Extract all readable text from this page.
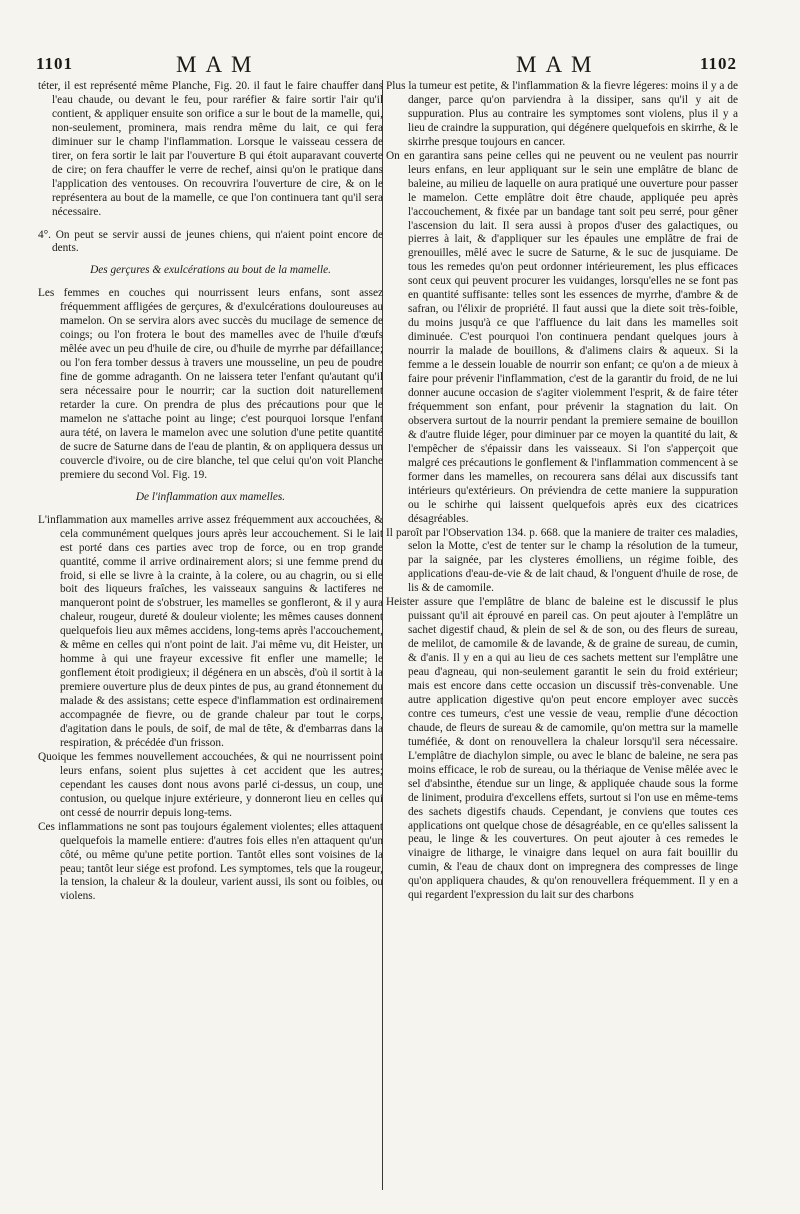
1101	MAM	MAM	1102

téter, il est représenté même Planche, Fig. 20. il faut le faire chauffer dans l'eau chaude, ou devant le feu, pour raréfier & faire sortir l'air qu'il contient, & appliquer ensuite son orifice a sur le bout de la mamelle, qui, non-seulement, prominera, mais rendra même du lait, ce qui fera diminuer sur le champ l'inflammation. Lorsque le vaisseau cessera de tirer, on fera sortir le lait par l'ouverture B qui étoit auparavant couverte de cire; on fera chauffer le verre de rechef, ainsi qu'on le pratique dans l'application des ventouses. On recouvrira l'ouverture de cire, & on le représentera au bout de la mamelle, ce que l'on continuera tant qu'il sera nécessaire.

4°. On peut se servir aussi de jeunes chiens, qui n'aient point encore de dents.

Des gerçures & exulcérations au bout de la mamelle.

Les femmes en couches qui nourrissent leurs enfans, sont assez fréquemment affligées de gerçures, & d'exulcérations douloureuses au mamelon. On se servira alors avec succès du mucilage de semence de coings; ou l'on frotera le bout des mamelles avec de l'huile d'œufs mêlée avec un peu d'huile de cire, ou d'huile de myrrhe par défaillance; ou l'on fera tomber dessus à travers une mousseline, un peu de poudre fine de gomme adraganth. On ne laissera teter l'enfant qu'autant qu'il sera nécessaire pour le nourrir; car la suction doit naturellement retarder la cure. On prendra de plus des précautions pour que le mamelon ne s'attache point au linge; c'est pourquoi lorsque l'enfant aura tété, on lavera le mamelon avec une solution d'une petite quantité de sucre de Saturne dans de l'eau de plantin, & on appliquera dessus un couvercle d'ivoire, ou de cire blanche, tel que celui qu'on voit Planche premiere du second Vol. Fig. 19.

De l'inflammation aux mamelles.

L'inflammation aux mamelles arrive assez fréquemment aux accouchées, & cela communément quelques jours après leur accouchement. Si le lait est porté dans ces parties avec trop de force, ou en trop grande quantité, comme il arrive ordinairement alors; si une femme prend du froid, si elle se livre à la crainte, à la colere, ou au chagrin, ou si elle boit des liqueurs fraîches, les vaisseaux sanguins & lactiferes ne manqueront point de s'obstruer, les mamelles se gonfleront, & il y aura chaleur, rougeur, dureté & douleur violente; les mêmes causes donnent quelquefois lieu aux mêmes accidens, long-tems après l'accouchement, & même en celles qui n'ont point de lait. J'ai même vu, dit Heister, un homme à qui une frayeur excessive fit enfler une mamelle; le gonflement étoit prodigieux; il dégénera en un abscès, d'où il sortit à la premiere ouverture plus de deux pintes de pus, au grand étonnement du malade & des assistans; cette espece d'inflammation est ordinairement accompagnée de fievre, ou de grande chaleur par tout le corps, d'agitation dans le pouls, de soif, de mal de tête, & d'embarras dans la respiration, & précédée d'un frisson.

Quoique les femmes nouvellement accouchées, & qui ne nourrissent point leurs enfans, soient plus sujettes à cet accident que les autres; cependant les causes dont nous avons parlé ci-dessus, un coup, une contusion, ou quelque injure extérieure, y donneront lieu en celles qui ont cessé de nourrir depuis long-tems.

Ces inflammations ne sont pas toujours également violentes; elles attaquent quelquefois la mamelle entiere: d'autres fois elles n'en attaquent qu'un côté, ou même qu'une petite portion. Tantôt elles sont voisines de la peau; tantôt leur siége est profond. Les symptomes, tels que la rougeur, la tension, la chaleur & la douleur, varient aussi, ils sont ou foibles, ou violens.

Plus la tumeur est petite, & l'inflammation & la fievre légeres: moins il y a de danger, parce qu'on parviendra à la dissiper, sans qu'il y ait de suppuration. Plus au contraire les symptomes sont violens, plus il y a lieu de craindre la suppuration, qui dégénere quelquefois en skirrhe, & le skirrhe presque toujours en cancer.

On en garantira sans peine celles qui ne peuvent ou ne veulent pas nourrir leurs enfans, en leur appliquant sur le sein une emplâtre de blanc de baleine, au milieu de laquelle on aura pratiqué une ouverture pour passer le mamelon. Cette emplâtre doit être chaude, appliquée peu après l'accouchement, & fixée par un bandage tant soit peu serré, pour gêner l'ascension du lait. Il sera aussi à propos d'user des galactiques, ou pierres à lait, & d'appliquer sur les épaules une emplâtre de frai de grenouilles, mêlé avec le sucre de Saturne, & le suc de jusquiame. De tous les remedes qu'on peut ordonner intérieurement, les plus efficaces sont ceux qui peuvent procurer les vuidanges, lorsqu'elles ne se font pas en quantité suffisante: telles sont les essences de myrrhe, d'ambre & de safran, ou l'élixir de propriété. Il faut aussi que la diete soit très-foible, du moins jusqu'à ce que l'affluence du lait dans les mamelles soit diminuée. C'est pourquoi l'on continuera pendant quelques jours à nourrir la malade de bouillons, & d'alimens clairs & aqueux. Si la femme a le dessein louable de nourrir son enfant; ce qu'on a de mieux à faire pour prévenir l'inflammation, c'est de la garantir du froid, de ne lui donner aucune occasion de s'agiter violemment l'esprit, & de faire téter fréquemment son enfant, pour prévenir la stagnation du lait. On observera surtout de la nourrir pendant la premiere semaine de bouillon & d'autre fluide léger, pour diminuer par ce moyen la quantité du lait, & l'empêcher de s'épaissir dans les vaisseaux. Si l'on s'apperçoit que malgré ces précautions le gonflement & l'inflammation commencent à se former dans les mamelles, on recourera sans délai aux discussifs tant intérieurs qu'extérieurs. On préviendra de cette maniere la suppuration ou le schirhe qui laissent quelquefois après eux des cicatrices désagréables.

Il paroît par l'Observation 134. p. 668. que la maniere de traiter ces maladies, selon la Motte, c'est de tenter sur le champ la résolution de la tumeur, par la saignée, par les clysteres émolliens, un régime foible, des applications d'eau-de-vie & de lait chaud, & l'onguent d'huile de rose, de lis & de camomile.

Heister assure que l'emplâtre de blanc de baleine est le discussif le plus puissant qu'il ait éprouvé en pareil cas. On peut ajouter à l'emplâtre un sachet digestif chaud, & plein de sel & de son, ou des fleurs de sureau, de melilot, de camomile & de lavande, & de graine de sureau, de cumin, & d'anis. Il y en a qui au lieu de ces sachets mettent sur l'emplâtre une peau d'agneau, qui non-seulement garantit le sein du froid extérieur; mais est encore dans cette occasion un discussif très-convenable. Une autre application digestive qu'on peut encore employer avec succès contre ces tumeurs, c'est une vessie de veau, remplie d'une décoction chaude, de fleurs de sureau & de camomile, qu'on mettra sur la mamelle tuméfiée, & dont on renouvellera la chaleur lorsqu'il sera nécessaire. L'emplâtre de diachylon simple, ou avec le blanc de baleine, ne sera pas moins efficace, le rob de sureau, ou la thériaque de Venise mêlée avec le sel d'absinthe, étendue sur un linge, & appliquée chaude sous la forme de liniment, produira d'excellens effets, surtout si l'on use en même-tems des sachets digestifs chauds. Cependant, je conviens que toutes ces applications ont quelque chose de désagréable, en ce qu'elles salissent la peau, le linge & les couvertures. On peut ajouter à ces remedes le vinaigre de litharge, le vinaigre dans lequel on aura fait bouillir du cumin, & l'eau de chaux dont on impregnera des compresses de linge qu'on appliquera chaudes, & qu'on renouvellera fréquemment. Il y en a qui regardent l'expression du lait sur des charbons
